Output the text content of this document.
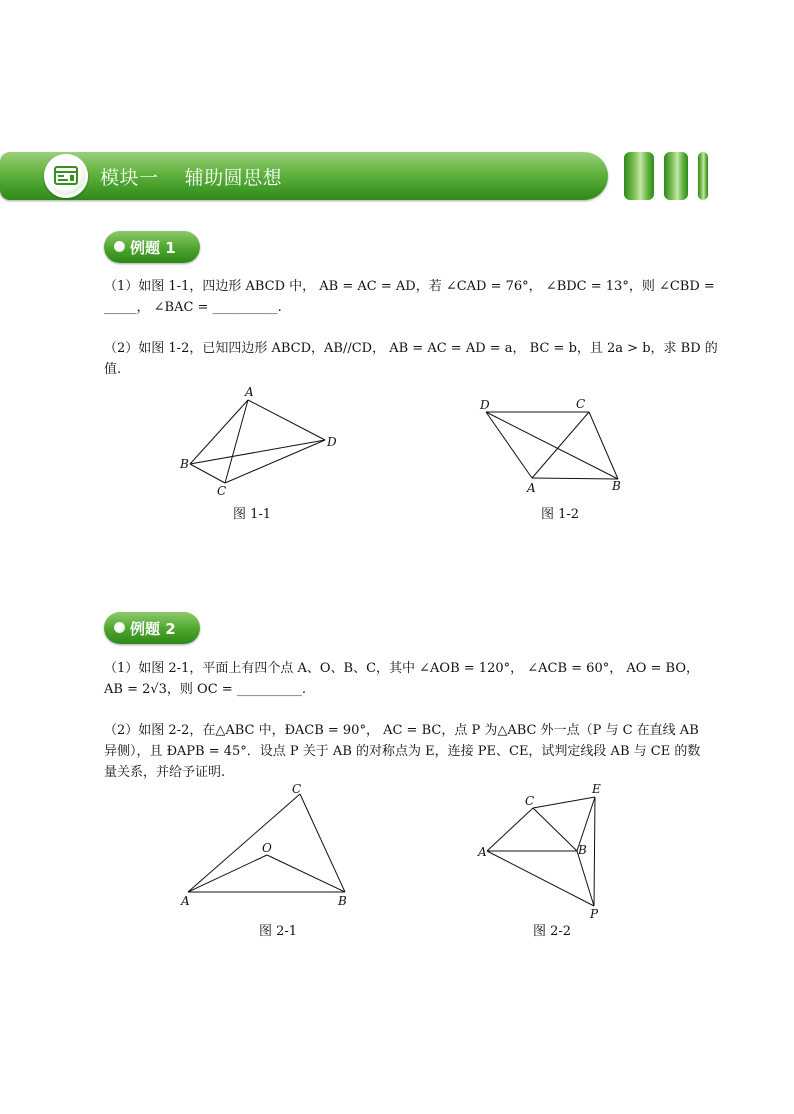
模块一    辅助圆思想
例题 1
（1）如图 1-1，四边形 ABCD 中， AB = AC = AD，若 ∠CAD = 76°， ∠BDC = 13°，则 ∠CBD =
_____， ∠BAC = __________.
（2）如图 1-2，已知四边形 ABCD，AB//CD， AB = AC = AD = a， BC = b，且 2a > b，求 BD 的
值.
A
B
C
D
图 1-1
D	C
A	B
图 1-2
例题 2
（1）如图 2-1，平面上有四个点 A、O、B、C，其中 ∠AOB = 120°， ∠ACB = 60°， AO = BO，
AB = 2√3，则 OC = __________.
（2）如图 2-2，在△ABC 中，ÐACB = 90°， AC = BC，点 P 为△ABC 外一点（P 与 C 在直线 AB
异侧），且 ÐAPB = 45°．设点 P 关于 AB 的对称点为 E，连接 PE、CE，试判定线段 AB 与 CE 的数
量关系，并给予证明.
A	B
C
O
图 2-1
A	B
C
E
P
图 2-2
